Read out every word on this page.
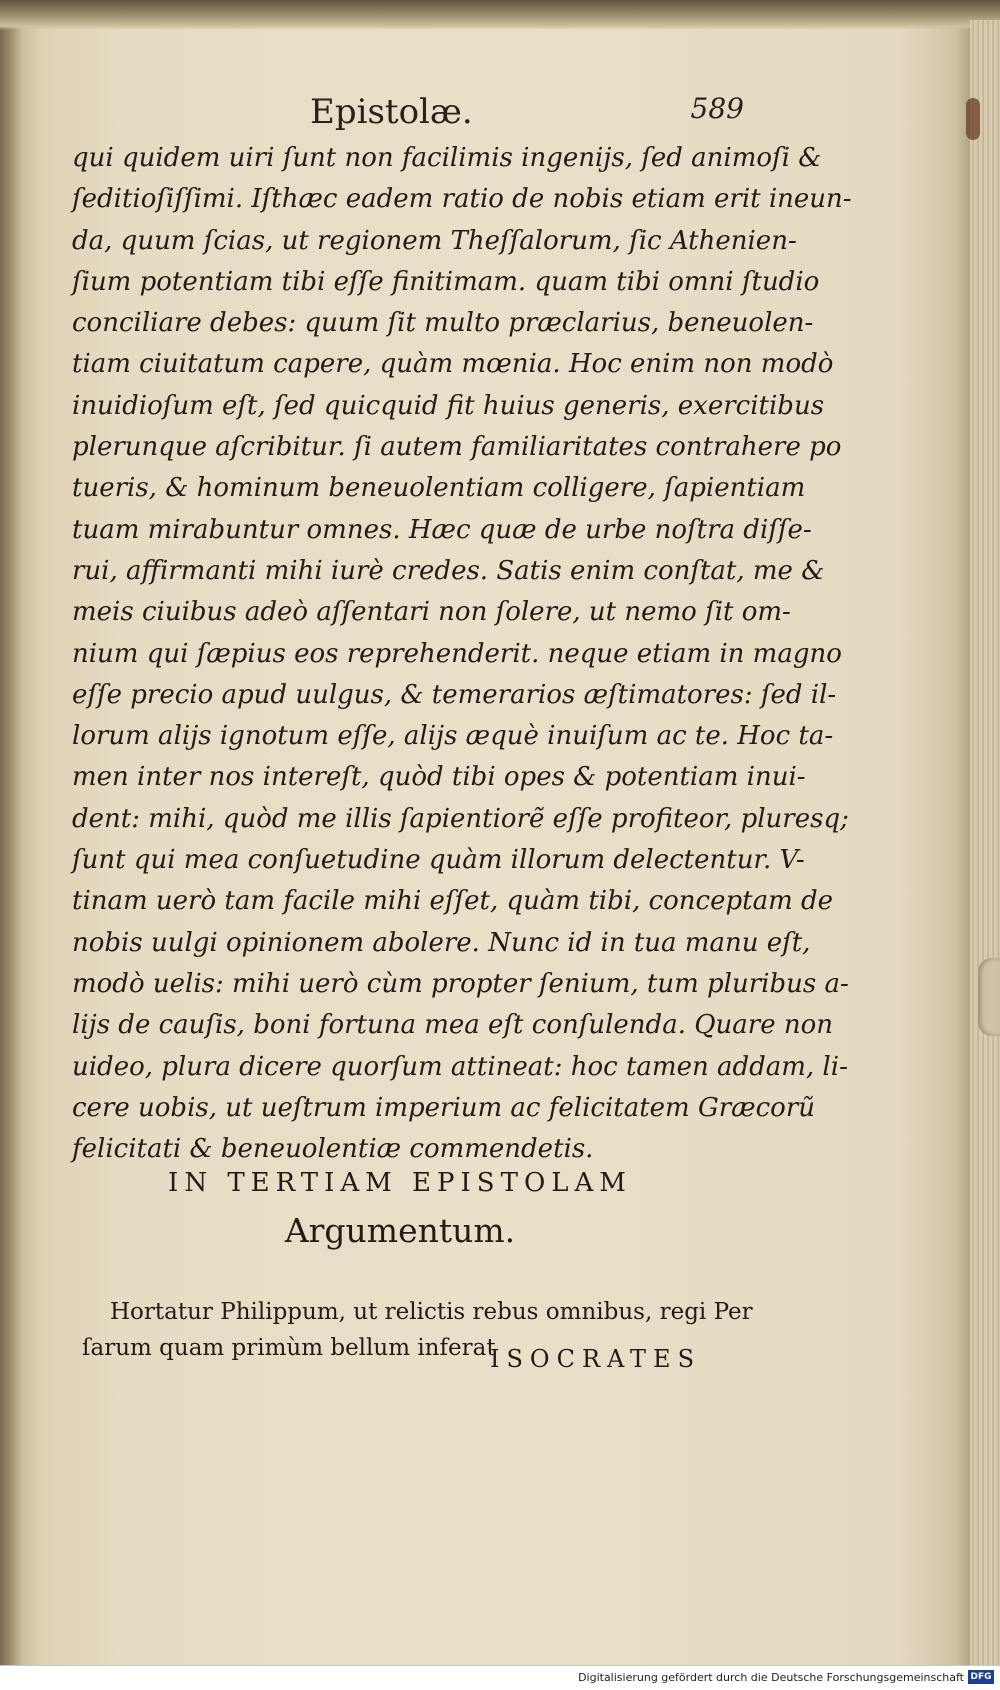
Epistolæ.	589
qui quidem uiri ſunt non facilimis ingenijs, ſed animoſi &
ſeditioſiſſimi. Iſthæc eadem ratio de nobis etiam erit ineun-
da, quum ſcias, ut regionem Theſſalorum, ſic Athenien-
ſium potentiam tibi eſſe finitimam. quam tibi omni ſtudio
conciliare debes: quum ſit multo præclarius, beneuolen-
tiam ciuitatum capere, quàm mœnia. Hoc enim non modò
inuidioſum eſt, ſed quicquid fit huius generis, exercitibus
plerunque aſcribitur. ſi autem familiaritates contrahere po
tueris, & hominum beneuolentiam colligere, ſapientiam
tuam mirabuntur omnes. Hæc quæ de urbe noſtra diſſe-
rui, affirmanti mihi iurè credes. Satis enim conſtat, me &
meis ciuibus adeò aſſentari non ſolere, ut nemo ſit om-
nium qui ſæpius eos reprehenderit. neque etiam in magno
eſſe precio apud uulgus, & temerarios æſtimatores: ſed il-
lorum alijs ignotum eſſe, alijs æquè inuiſum ac te. Hoc ta-
men inter nos intereſt, quòd tibi opes & potentiam inui-
dent: mihi, quòd me illis ſapientiorẽ eſſe profiteor, pluresq;
ſunt qui mea conſuetudine quàm illorum delectentur. V-
tinam uerò tam facile mihi eſſet, quàm tibi, conceptam de
nobis uulgi opinionem abolere. Nunc id in tua manu eſt,
modò uelis: mihi uerò cùm propter ſenium, tum pluribus a-
lijs de cauſis, boni fortuna mea eſt conſulenda. Quare non
uideo, plura dicere quorſum attineat: hoc tamen addam, li-
cere uobis, ut ueſtrum imperium ac felicitatem Græcorũ
felicitati & beneuolentiæ commendetis.
IN TERTIAM EPISTOLAM
Argumentum.
Hortatur Philippum, ut relictis rebus omnibus, regi Per
ſarum quam primùm bellum inferat
ISOCRATES
Digitalisierung gefördert durch die Deutsche Forschungsgemeinschaft DFG
